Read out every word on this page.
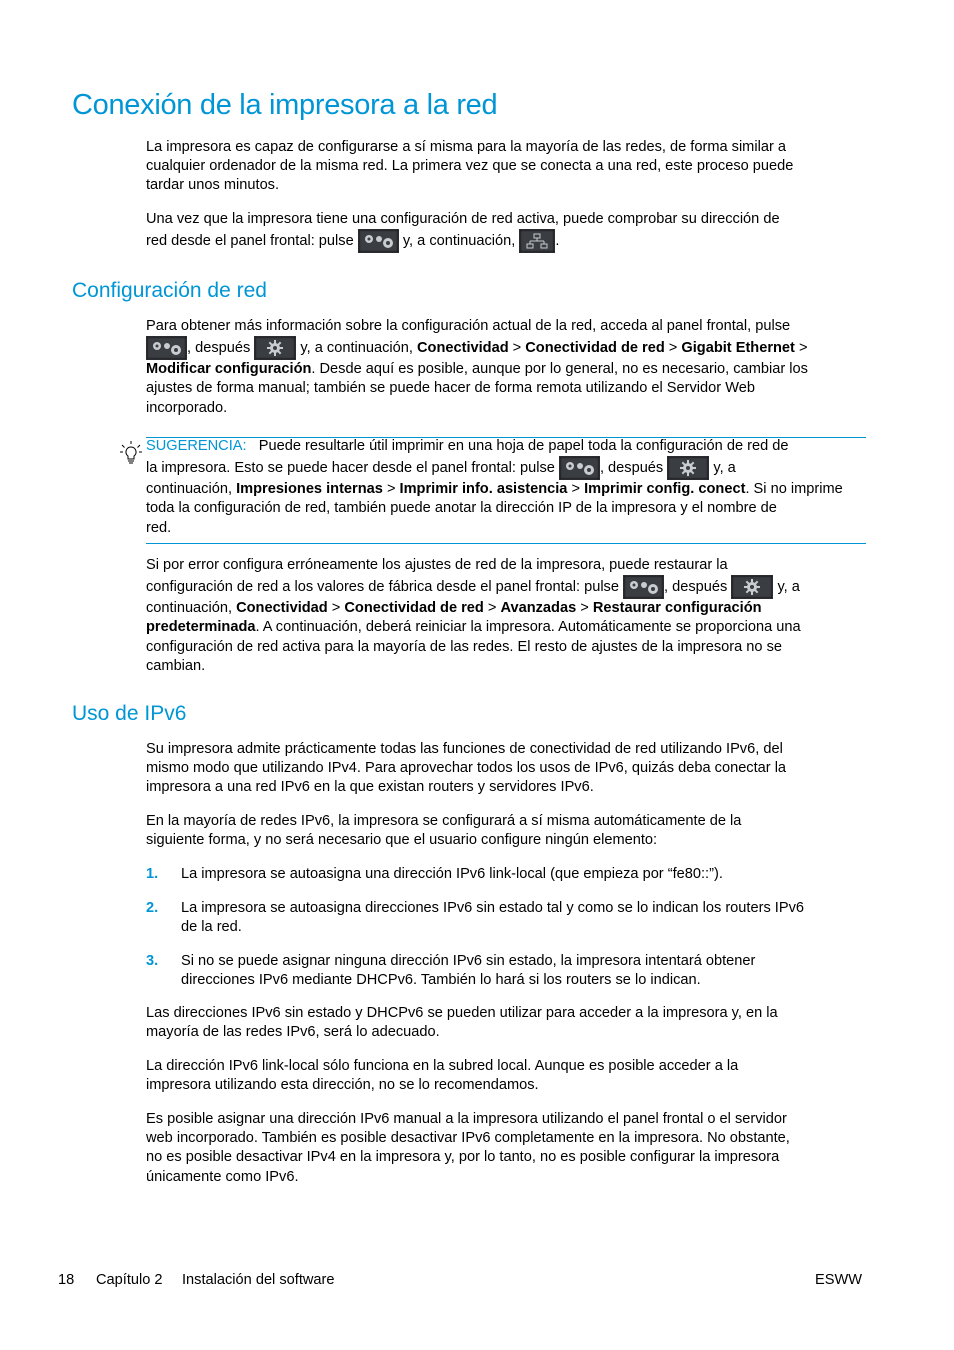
Conexión de la impresora a la red

La impresora es capaz de configurarse a sí misma para la mayoría de las redes, de forma similar a
cualquier ordenador de la misma red. La primera vez que se conecta a una red, este proceso puede
tardar unos minutos.

Una vez que la impresora tiene una configuración de red activa, puede comprobar su dirección de
red desde el panel frontal: pulse	y, a continuación,	.

Configuración de red

Para obtener más información sobre la configuración actual de la red, acceda al panel frontal, pulse
, después	y, a continuación, Conectividad > Conectividad de red > Gigabit Ethernet >
Modificar configuración. Desde aquí es posible, aunque por lo general, no es necesario, cambiar los
ajustes de forma manual; también se puede hacer de forma remota utilizando el Servidor Web
incorporado.

SUGERENCIA: Puede resultarle útil imprimir en una hoja de papel toda la configuración de red de
la impresora. Esto se puede hacer desde el panel frontal: pulse	, después	y, a
continuación, Impresiones internas > Imprimir info. asistencia > Imprimir config. conect. Si no imprime
toda la configuración de red, también puede anotar la dirección IP de la impresora y el nombre de
red.

Si por error configura erróneamente los ajustes de red de la impresora, puede restaurar la
configuración de red a los valores de fábrica desde el panel frontal: pulse	, después	y, a
continuación, Conectividad > Conectividad de red > Avanzadas > Restaurar configuración
predeterminada. A continuación, deberá reiniciar la impresora. Automáticamente se proporciona una
configuración de red activa para la mayoría de las redes. El resto de ajustes de la impresora no se
cambian.

Uso de IPv6

Su impresora admite prácticamente todas las funciones de conectividad de red utilizando IPv6, del
mismo modo que utilizando IPv4. Para aprovechar todos los usos de IPv6, quizás deba conectar la
impresora a una red IPv6 en la que existan routers y servidores IPv6.

En la mayoría de redes IPv6, la impresora se configurará a sí misma automáticamente de la
siguiente forma, y no será necesario que el usuario configure ningún elemento:

1. La impresora se autoasigna una dirección IPv6 link-local (que empieza por “fe80::”).
2. La impresora se autoasigna direcciones IPv6 sin estado tal y como se lo indican los routers IPv6
de la red.
3. Si no se puede asignar ninguna dirección IPv6 sin estado, la impresora intentará obtener
direcciones IPv6 mediante DHCPv6. También lo hará si los routers se lo indican.

Las direcciones IPv6 sin estado y DHCPv6 se pueden utilizar para acceder a la impresora y, en la
mayoría de las redes IPv6, será lo adecuado.

La dirección IPv6 link-local sólo funciona en la subred local. Aunque es posible acceder a la
impresora utilizando esta dirección, no se lo recomendamos.

Es posible asignar una dirección IPv6 manual a la impresora utilizando el panel frontal o el servidor
web incorporado. También es posible desactivar IPv6 completamente en la impresora. No obstante,
no es posible desactivar IPv4 en la impresora y, por lo tanto, no es posible configurar la impresora
únicamente como IPv6.

18 Capítulo 2 Instalación del software	ESWW
